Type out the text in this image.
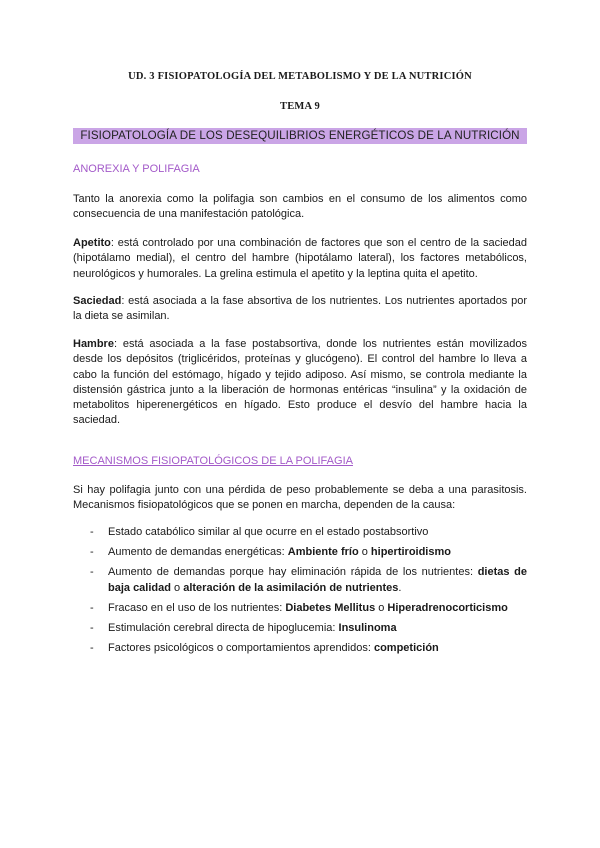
UD. 3 FISIOPATOLOGÍA DEL METABOLISMO Y DE LA NUTRICIÓN
TEMA 9
FISIOPATOLOGÍA DE LOS DESEQUILIBRIOS ENERGÉTICOS DE LA NUTRICIÓN
ANOREXIA Y POLIFAGIA

Tanto la anorexia como la polifagia son cambios en el consumo de los alimentos como consecuencia de una manifestación patológica.

Apetito: está controlado por una combinación de factores que son el centro de la saciedad (hipotálamo medial), el centro del hambre (hipotálamo lateral), los factores metabólicos, neurológicos y humorales. La grelina estimula el apetito y la leptina quita el apetito.

Saciedad: está asociada a la fase absortiva de los nutrientes. Los nutrientes aportados por la dieta se asimilan.

Hambre: está asociada a la fase postabsortiva, donde los nutrientes están movilizados desde los depósitos (triglicéridos, proteínas y glucógeno). El control del hambre lo lleva a cabo la función del estómago, hígado y tejido adiposo. Así mismo, se controla mediante la distensión gástrica junto a la liberación de hormonas entéricas “insulina” y la oxidación de metabolitos hiperenergéticos en hígado. Esto produce el desvío del hambre hacia la saciedad.

MECANISMOS FISIOPATOLÓGICOS DE LA POLIFAGIA

Si hay polifagia junto con una pérdida de peso probablemente se deba a una parasitosis. Mecanismos fisiopatológicos que se ponen en marcha, dependen de la causa:

- Estado catabólico similar al que ocurre en el estado postabsortivo
- Aumento de demandas energéticas: Ambiente frío o hipertiroidismo
- Aumento de demandas porque hay eliminación rápida de los nutrientes: dietas de baja calidad o alteración de la asimilación de nutrientes.
- Fracaso en el uso de los nutrientes: Diabetes Mellitus o Hiperadrenocorticismo
- Estimulación cerebral directa de hipoglucemia: Insulinoma
- Factores psicológicos o comportamientos aprendidos: competición
